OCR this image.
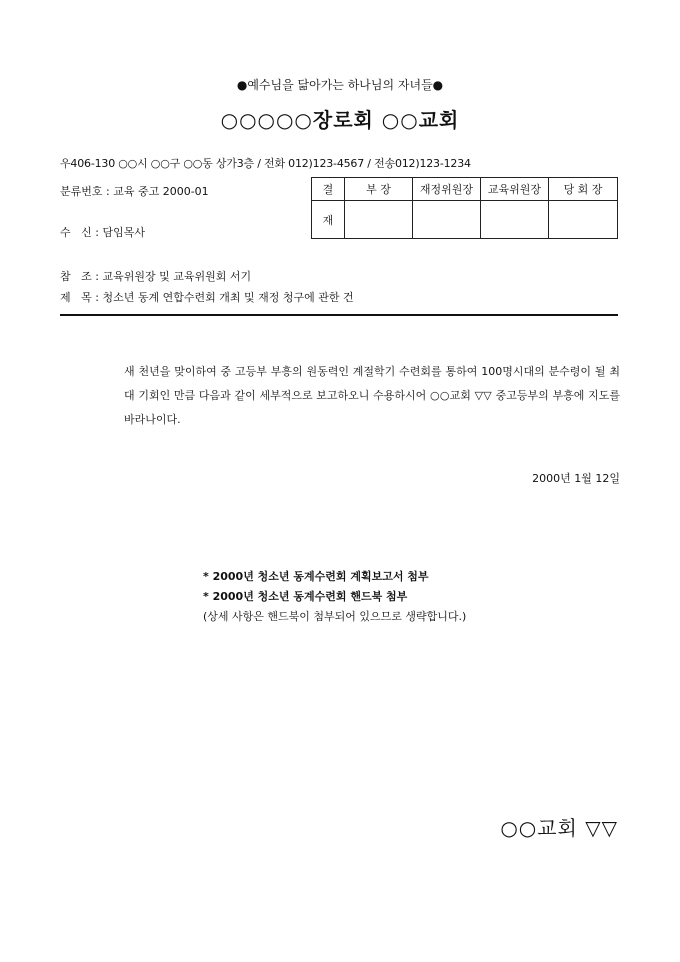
●예수님을 닮아가는 하나님의 자녀들●
○○○○○장로회 ○○교회
우406-130 ○○시 ○○구 ○○동 상가3층 / 전화 012)123-4567 / 전송012)123-1234
분류번호 : 교육 중고 2000-01
수   신 : 담임목사
결	부 장	재정위원장	교육위원장	당 회 장
재				
참   조 : 교육위원장 및 교육위원회 서기
제   목 : 청소년 동계 연합수련회 개최 및 재정 청구에 관한 건
새 천년을 맞이하여 중 고등부 부흥의 원동력인 계절학기 수련회를 통하여 100명시대의 분수령이 될 최대 기회인 만큼 다음과 같이 세부적으로 보고하오니 수용하시어 ○○교회 ▽▽ 중고등부의 부흥에 지도를 바라나이다.
2000년 1월 12일
* 2000년 청소년 동계수련회 계획보고서 첨부
* 2000년 청소년 동계수련회 핸드북 첨부
(상세 사항은 핸드북이 첨부되어 있으므로 생략합니다.)
○○교회 ▽▽
